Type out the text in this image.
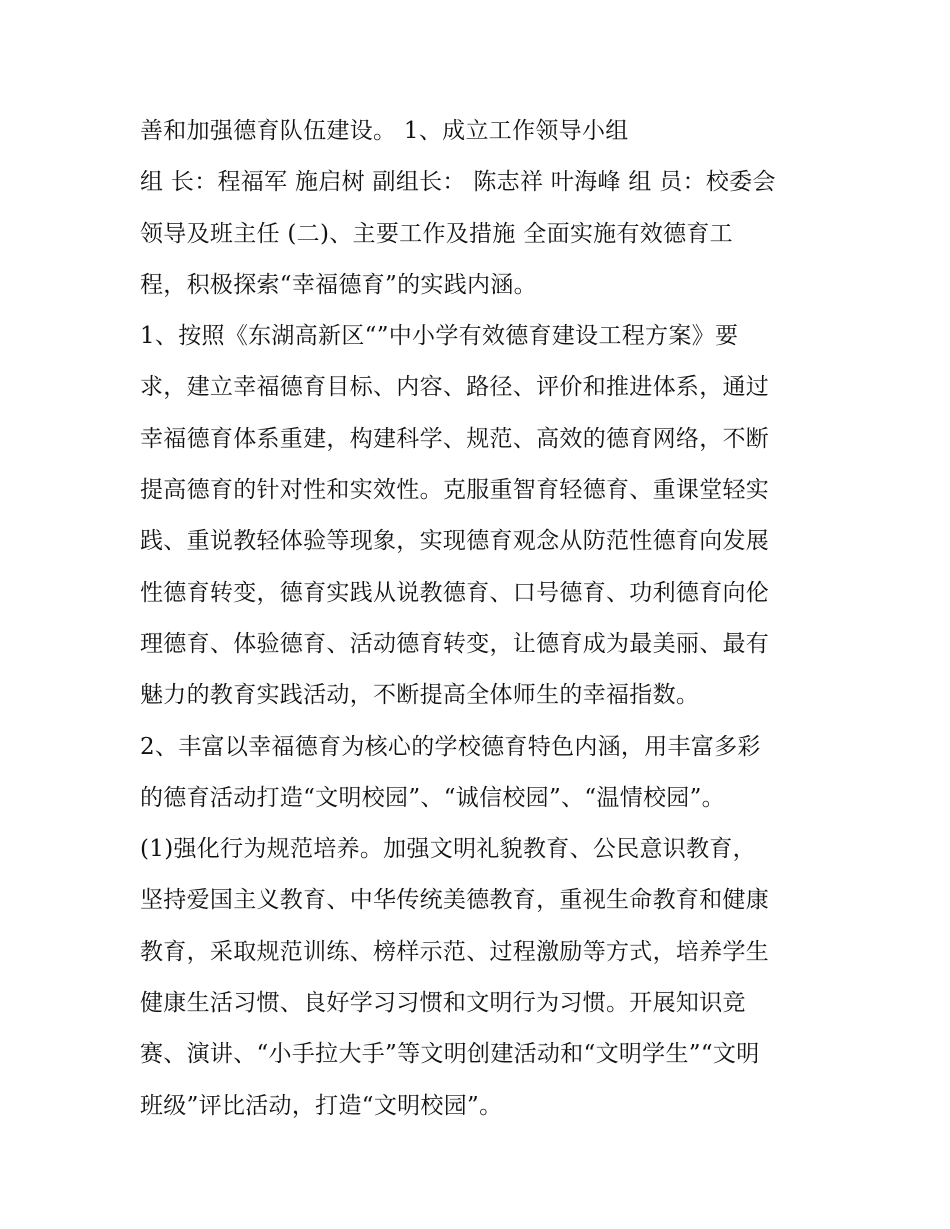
善和加强德育队伍建设。 1、成立工作领导小组
组 长：程福军 施启树 副组长： 陈志祥 叶海峰 组 员：校委会
领导及班主任 (二)、主要工作及措施 全面实施有效德育工
程，积极探索“幸福德育”的实践内涵。
1、按照《东湖高新区“”中小学有效德育建设工程方案》要
求，建立幸福德育目标、内容、路径、评价和推进体系，通过
幸福德育体系重建，构建科学、规范、高效的德育网络，不断
提高德育的针对性和实效性。克服重智育轻德育、重课堂轻实
践、重说教轻体验等现象，实现德育观念从防范性德育向发展
性德育转变，德育实践从说教德育、口号德育、功利德育向伦
理德育、体验德育、活动德育转变，让德育成为最美丽、最有
魅力的教育实践活动，不断提高全体师生的幸福指数。
2、丰富以幸福德育为核心的学校德育特色内涵，用丰富多彩
的德育活动打造“文明校园”、“诚信校园”、“温情校园”。
(1)强化行为规范培养。加强文明礼貌教育、公民意识教育，
坚持爱国主义教育、中华传统美德教育，重视生命教育和健康
教育，采取规范训练、榜样示范、过程激励等方式，培养学生
健康生活习惯、良好学习习惯和文明行为习惯。开展知识竞
赛、演讲、“小手拉大手”等文明创建活动和“文明学生”“文明
班级”评比活动，打造“文明校园”。
